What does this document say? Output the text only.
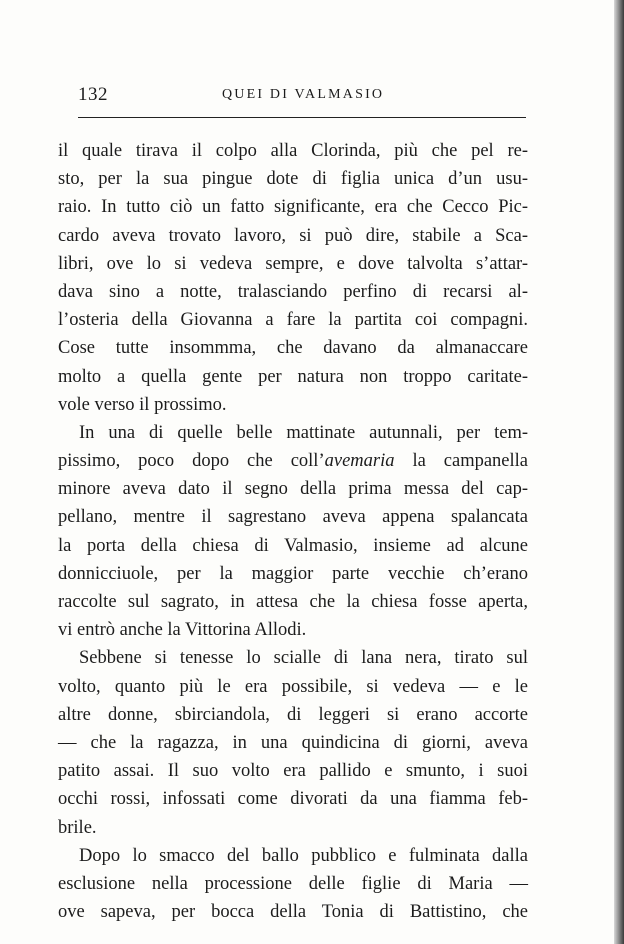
132	QUEI DI VALMASIO
il quale tirava il colpo alla Clorinda, più che pel re-
sto, per la sua pingue dote di figlia unica d’un usu-
raio. In tutto ciò un fatto significante, era che Cecco Pic-
cardo aveva trovato lavoro, si può dire, stabile a Sca-
libri, ove lo si vedeva sempre, e dove talvolta s’attar-
dava sino a notte, tralasciando perfino di recarsi al-
l’osteria della Giovanna a fare la partita coi compagni.
Cose tutte insommma, che davano da almanaccare
molto a quella gente per natura non troppo caritate-
vole verso il prossimo.
In una di quelle belle mattinate autunnali, per tem-
pissimo, poco dopo che coll’avemaria la campanella
minore aveva dato il segno della prima messa del cap-
pellano, mentre il sagrestano aveva appena spalancata
la porta della chiesa di Valmasio, insieme ad alcune
donnicciuole, per la maggior parte vecchie ch’erano
raccolte sul sagrato, in attesa che la chiesa fosse aperta,
vi entrò anche la Vittorina Allodi.
Sebbene si tenesse lo scialle di lana nera, tirato sul
volto, quanto più le era possibile, si vedeva — e le
altre donne, sbirciandola, di leggeri si erano accorte
— che la ragazza, in una quindicina di giorni, aveva
patito assai. Il suo volto era pallido e smunto, i suoi
occhi rossi, infossati come divorati da una fiamma feb-
brile.
Dopo lo smacco del ballo pubblico e fulminata dalla
esclusione nella processione delle figlie di Maria —
ove sapeva, per bocca della Tonia di Battistino, che
